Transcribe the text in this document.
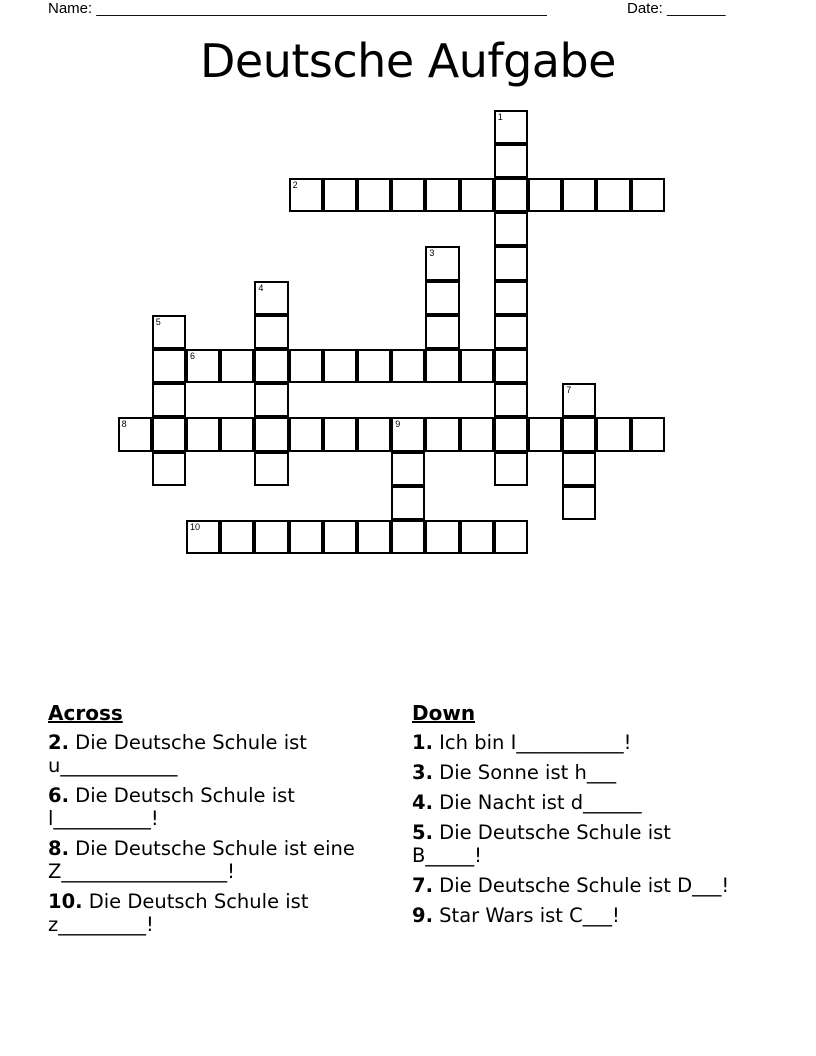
Name: ______________________________________________________	Date: _______
Deutsche Aufgabe
1
2
3
4
5
6
7
8	9
10
Across
2. Die Deutsche Schule ist u____________
6. Die Deutsch Schule ist l__________!
8. Die Deutsche Schule ist eine Z_________________!
10. Die Deutsch Schule ist z_________!
Down
1. Ich bin I___________!
3. Die Sonne ist h___
4. Die Nacht ist d______
5. Die Deutsche Schule ist B_____!
7. Die Deutsche Schule ist D___!
9. Star Wars ist C___!
